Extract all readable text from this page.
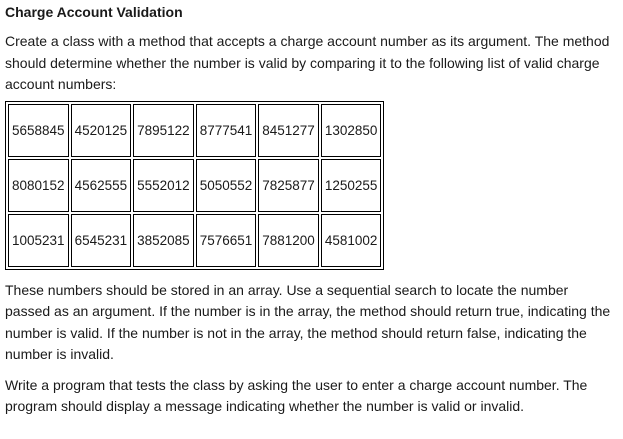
Charge Account Validation

Create a class with a method that accepts a charge account number as its argument. The method should determine whether the number is valid by comparing it to the following list of valid charge account numbers:

5658845	4520125	7895122	8777541	8451277	1302850
8080152	4562555	5552012	5050552	7825877	1250255
1005231	6545231	3852085	7576651	7881200	4581002

These numbers should be stored in an array. Use a sequential search to locate the number passed as an argument. If the number is in the array, the method should return true, indicating the number is valid. If the number is not in the array, the method should return false, indicating the number is invalid.

Write a program that tests the class by asking the user to enter a charge account number. The program should display a message indicating whether the number is valid or invalid.
